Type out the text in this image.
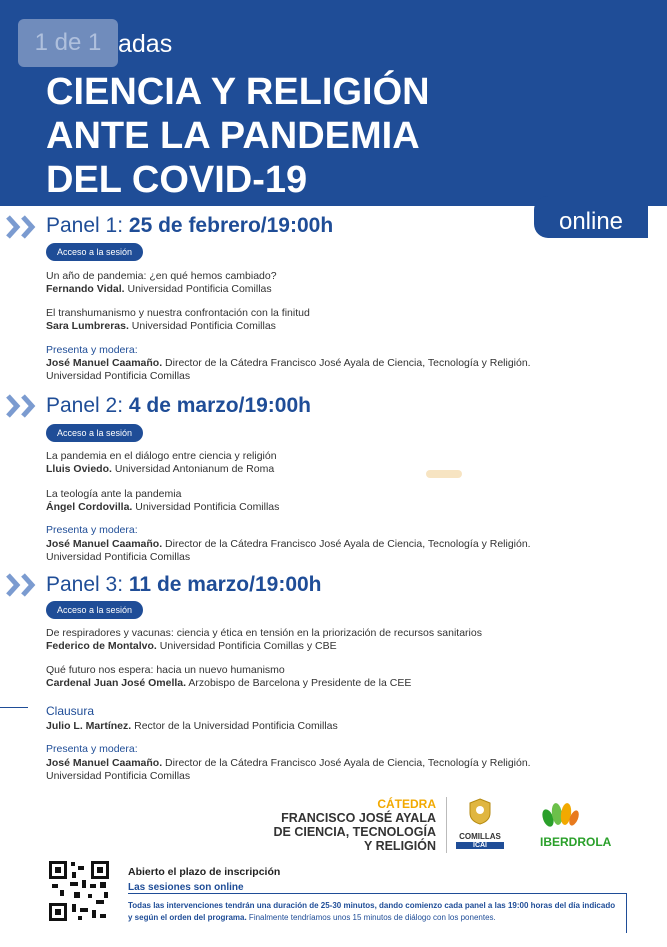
adas
CIENCIA Y RELIGIÓN
ANTE LA PANDEMIA
DEL COVID-19
1 de 1
online
Panel 1: 25 de febrero/19:00h
Acceso a la sesión
Un año de pandemia: ¿en qué hemos cambiado?
Fernando Vidal. Universidad Pontificia Comillas
El transhumanismo y nuestra confrontación con la finitud
Sara Lumbreras. Universidad Pontificia Comillas
Presenta y modera:
José Manuel Caamaño. Director de la Cátedra Francisco José Ayala de Ciencia, Tecnología y Religión.
Universidad Pontificia Comillas
Panel 2: 4 de marzo/19:00h
Acceso a la sesión
La pandemia en el diálogo entre ciencia y religión
Lluis Oviedo. Universidad Antonianum de Roma
La teología ante la pandemia
Ángel Cordovilla. Universidad Pontificia Comillas
Presenta y modera:
José Manuel Caamaño. Director de la Cátedra Francisco José Ayala de Ciencia, Tecnología y Religión.
Universidad Pontificia Comillas
Panel 3: 11 de marzo/19:00h
Acceso a la sesión
De respiradores y vacunas: ciencia y ética en tensión en la priorización de recursos sanitarios
Federico de Montalvo. Universidad Pontificia Comillas y CBE
Qué futuro nos espera: hacia un nuevo humanismo
Cardenal Juan José Omella. Arzobispo de Barcelona y Presidente de la CEE
Clausura
Julio L. Martínez. Rector de la Universidad Pontificia Comillas
Presenta y modera:
José Manuel Caamaño. Director de la Cátedra Francisco José Ayala de Ciencia, Tecnología y Religión.
Universidad Pontificia Comillas
CÁTEDRA
FRANCISCO JOSÉ AYALA
DE CIENCIA, TECNOLOGÍA
Y RELIGIÓN
COMILLAS
ICAI	IBERDROLA
Abierto el plazo de inscripción
Las sesiones son online
Todas las intervenciones tendrán una duración de 25-30 minutos, dando comienzo cada panel a las 19:00 horas del día indicado y según el orden del programa. Finalmente tendríamos unos 15 minutos de diálogo con los ponentes.
